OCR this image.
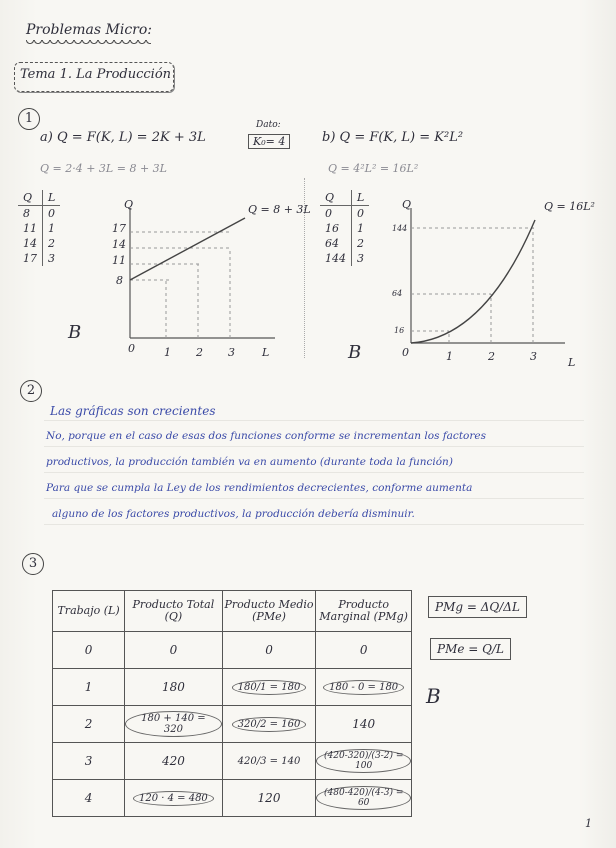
Problemas Micro:
Tema 1. La Producción
1
a) Q = F(K, L) = 2K + 3L
Q = 2·4 + 3L = 8 + 3L
Dato:
K₀= 4	b) Q = F(K, L) = K²L²
Q = 4²L² = 16L²
Q	L
8	0
11	1
14	2
17	3
Q
17
14
11
8
0	1 2 3 L
Q = 8 + 3L
B
Q	L
0	0
16	1
64	2
144	3
Q
144
64
16
0	1	2	3	L
Q = 16L²
B
2
Las gráficas son crecientes
No, porque en el caso de esas dos funciones conforme se incrementan los factores
productivos, la producción también va en aumento (durante toda la función)
Para que se cumpla la Ley de los rendimientos decrecientes, conforme aumenta
alguno de los factores productivos, la producción debería disminuir.
3
Trabajo (L)	Producto Total (Q)	Producto Medio (PMe)	Producto Marginal (PMg)
0	0	0	0
1	180	180/1 = 180	180 - 0 = 180
2	180 + 140 = 320	320/2 = 160	140
3	420	420/3 = 140	(420-320)/(3-2) = 100
4	120 · 4 = 480	120	(480-420)/(4-3) = 60
PMg = ΔQ/ΔL
PMe = Q/L
B
1
